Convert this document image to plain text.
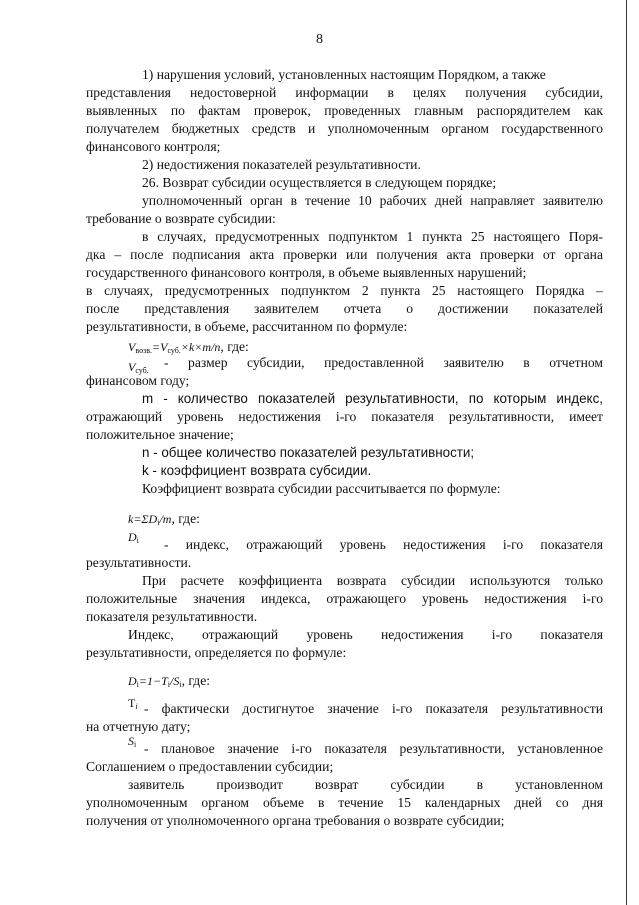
8
1) нарушения условий, установленных настоящим Порядком, а также
представления недостоверной информации в целях получения субсидии,
выявленных по фактам проверок, проведенных главным распорядителем как
получателем бюджетных средств и уполномоченным органом государственного
финансового контроля;
2) недостижения показателей результативности.
26. Возврат субсидии осуществляется в следующем порядке;
уполномоченный орган в течение 10 рабочих дней направляет заявителю
требование о возврате субсидии:
в случаях, предусмотренных подпунктом 1 пункта 25 настоящего Поря-
дка – после подписания акта проверки или получения акта проверки от органа
государственного финансового контроля, в объеме выявленных нарушений;
в случаях, предусмотренных подпунктом 2 пункта 25 настоящего Порядка –
после представления заявителем отчета о достижении показателей
результативности, в объеме, рассчитанном по формуле:
$V_{возв.}=V_{суб.}\times k\times m/n$, где:
$V_{суб.}$
- размер субсидии, предоставленной заявителю в отчетном
финансовом году;
m - количество показателей результативности, по которым индекс,
отражающий уровень недостижения i-го показателя результативности, имеет
положительное значение;
n - общее количество показателей результативности;
k - коэффициент возврата субсидии.
Коэффициент возврата субсидии рассчитывается по формуле:
$k=\Sigma D_i/m$, где:
$D_i$	- индекс, отражающий уровень недостижения i-го показателя
результативности.
При расчете коэффициента возврата субсидии используются только
положительные значения индекса, отражающего уровень недостижения i-го
показателя результативности.
Индекс, отражающий уровень недостижения i-го показателя
результативности, определяется по формуле:
$D_i=1-T_i/S_i$, где:
$T_i$ - фактически достигнутое значение i-го показателя результативности
на отчетную дату;
$S_i$ - плановое значение i-го показателя результативности, установленное
Соглашением о предоставлении субсидии;
заявитель производит возврат субсидии в установленном
уполномоченным органом объеме в течение 15 календарных дней со дня
получения от уполномоченного органа требования о возврате субсидии;
